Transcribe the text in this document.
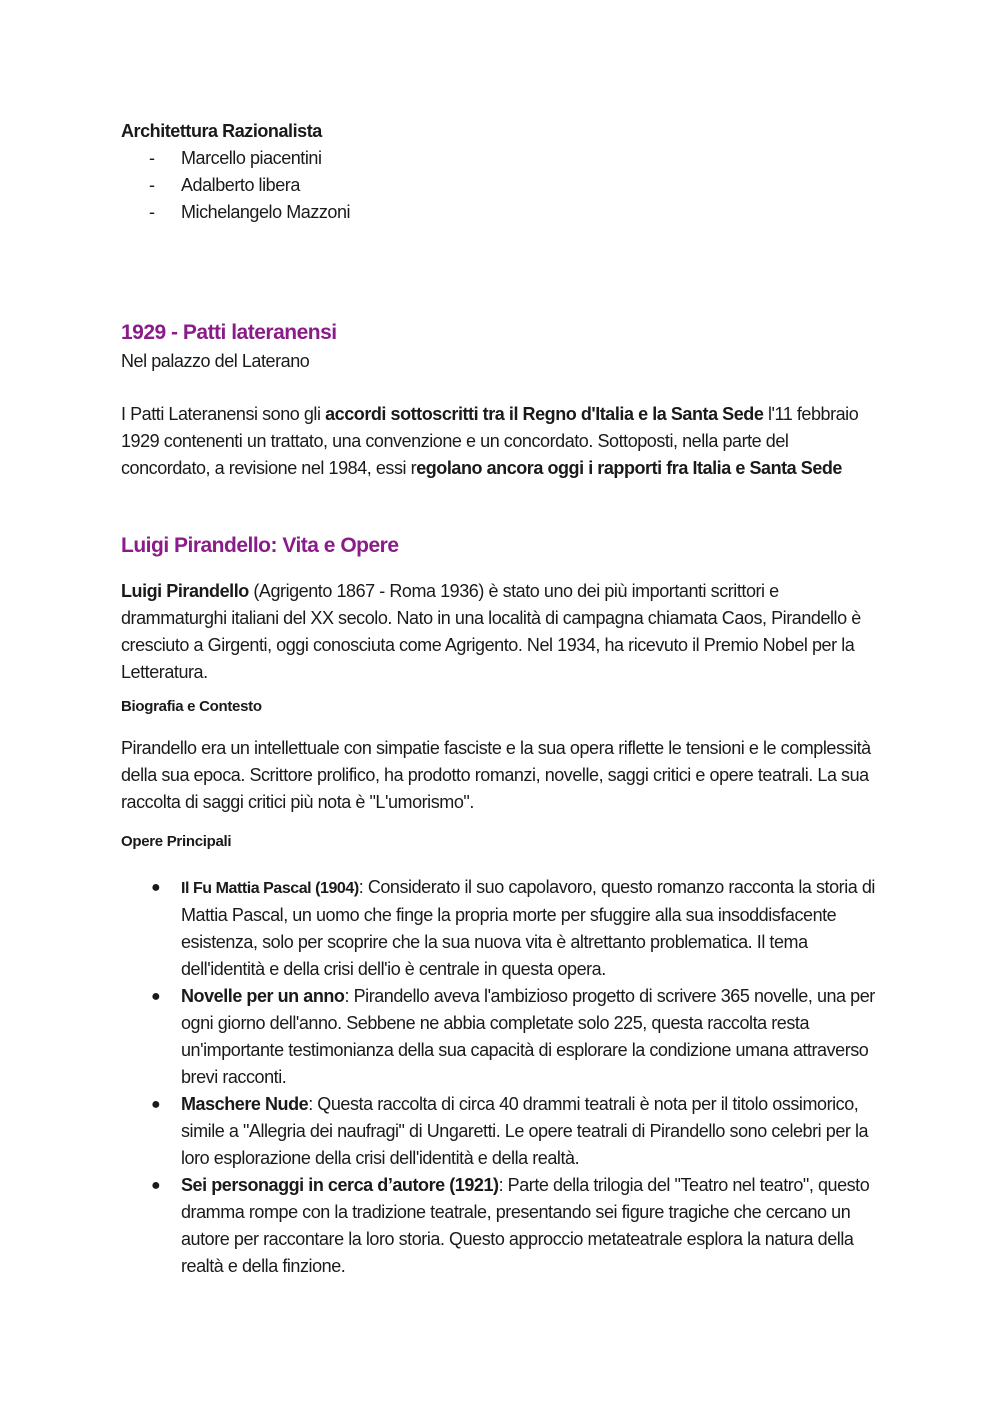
Architettura Razionalista

- Marcello piacentini
- Adalberto libera
- Michelangelo Mazzoni
1929 - Patti lateranensi

Nel palazzo del Laterano

I Patti Lateranensi sono gli accordi sottoscritti tra il Regno d'Italia e la Santa Sede l'11 febbraio 1929 contenenti un trattato, una convenzione e un concordato. Sottoposti, nella parte del concordato, a revisione nel 1984, essi regolano ancora oggi i rapporti fra Italia e Santa Sede

Luigi Pirandello: Vita e Opere

Luigi Pirandello (Agrigento 1867 - Roma 1936) è stato uno dei più importanti scrittori e drammaturghi italiani del XX secolo. Nato in una località di campagna chiamata Caos, Pirandello è cresciuto a Girgenti, oggi conosciuta come Agrigento. Nel 1934, ha ricevuto il Premio Nobel per la Letteratura.

Biografia e Contesto

Pirandello era un intellettuale con simpatie fasciste e la sua opera riflette le tensioni e le complessità della sua epoca. Scrittore prolifico, ha prodotto romanzi, novelle, saggi critici e opere teatrali. La sua raccolta di saggi critici più nota è "L'umorismo".

Opere Principali
● Il Fu Mattia Pascal (1904): Considerato il suo capolavoro, questo romanzo racconta la storia di Mattia Pascal, un uomo che finge la propria morte per sfuggire alla sua insoddisfacente esistenza, solo per scoprire che la sua nuova vita è altrettanto problematica. Il tema dell'identità e della crisi dell'io è centrale in questa opera.
● Novelle per un anno: Pirandello aveva l'ambizioso progetto di scrivere 365 novelle, una per ogni giorno dell'anno. Sebbene ne abbia completate solo 225, questa raccolta resta un'importante testimonianza della sua capacità di esplorare la condizione umana attraverso brevi racconti.
● Maschere Nude: Questa raccolta di circa 40 drammi teatrali è nota per il titolo ossimorico, simile a "Allegria dei naufragi" di Ungaretti. Le opere teatrali di Pirandello sono celebri per la loro esplorazione della crisi dell'identità e della realtà.
● Sei personaggi in cerca d’autore (1921): Parte della trilogia del "Teatro nel teatro", questo dramma rompe con la tradizione teatrale, presentando sei figure tragiche che cercano un autore per raccontare la loro storia. Questo approccio metateatrale esplora la natura della realtà e della finzione.
